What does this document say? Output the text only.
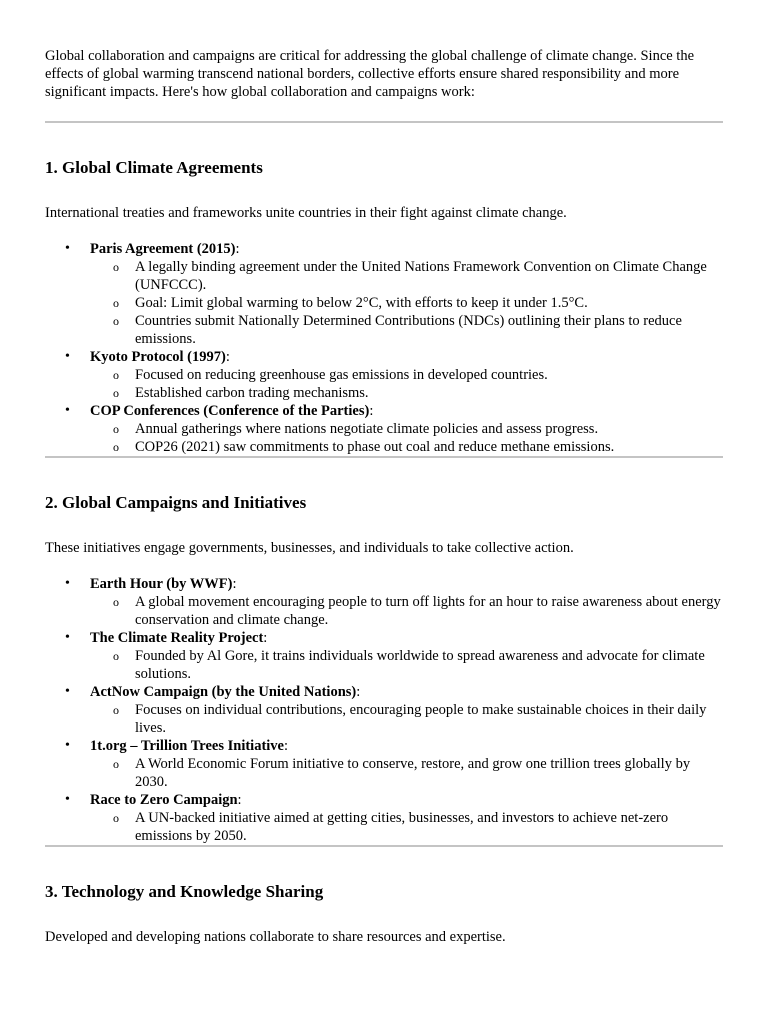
Global collaboration and campaigns are critical for addressing the global challenge of climate change. Since the effects of global warming transcend national borders, collective efforts ensure shared responsibility and more significant impacts. Here's how global collaboration and campaigns work:

1. Global Climate Agreements

International treaties and frameworks unite countries in their fight against climate change.

• Paris Agreement (2015):
o A legally binding agreement under the United Nations Framework Convention on Climate Change (UNFCCC).
o Goal: Limit global warming to below 2°C, with efforts to keep it under 1.5°C.
o Countries submit Nationally Determined Contributions (NDCs) outlining their plans to reduce emissions.
• Kyoto Protocol (1997):
o Focused on reducing greenhouse gas emissions in developed countries.
o Established carbon trading mechanisms.
• COP Conferences (Conference of the Parties):
o Annual gatherings where nations negotiate climate policies and assess progress.
o COP26 (2021) saw commitments to phase out coal and reduce methane emissions.
2. Global Campaigns and Initiatives

These initiatives engage governments, businesses, and individuals to take collective action.

• Earth Hour (by WWF):
o A global movement encouraging people to turn off lights for an hour to raise awareness about energy conservation and climate change.
• The Climate Reality Project:
o Founded by Al Gore, it trains individuals worldwide to spread awareness and advocate for climate solutions.
• ActNow Campaign (by the United Nations):
o Focuses on individual contributions, encouraging people to make sustainable choices in their daily lives.
• 1t.org – Trillion Trees Initiative:
o A World Economic Forum initiative to conserve, restore, and grow one trillion trees globally by 2030.
• Race to Zero Campaign:
o A UN-backed initiative aimed at getting cities, businesses, and investors to achieve net-zero emissions by 2050.
3. Technology and Knowledge Sharing

Developed and developing nations collaborate to share resources and expertise.
